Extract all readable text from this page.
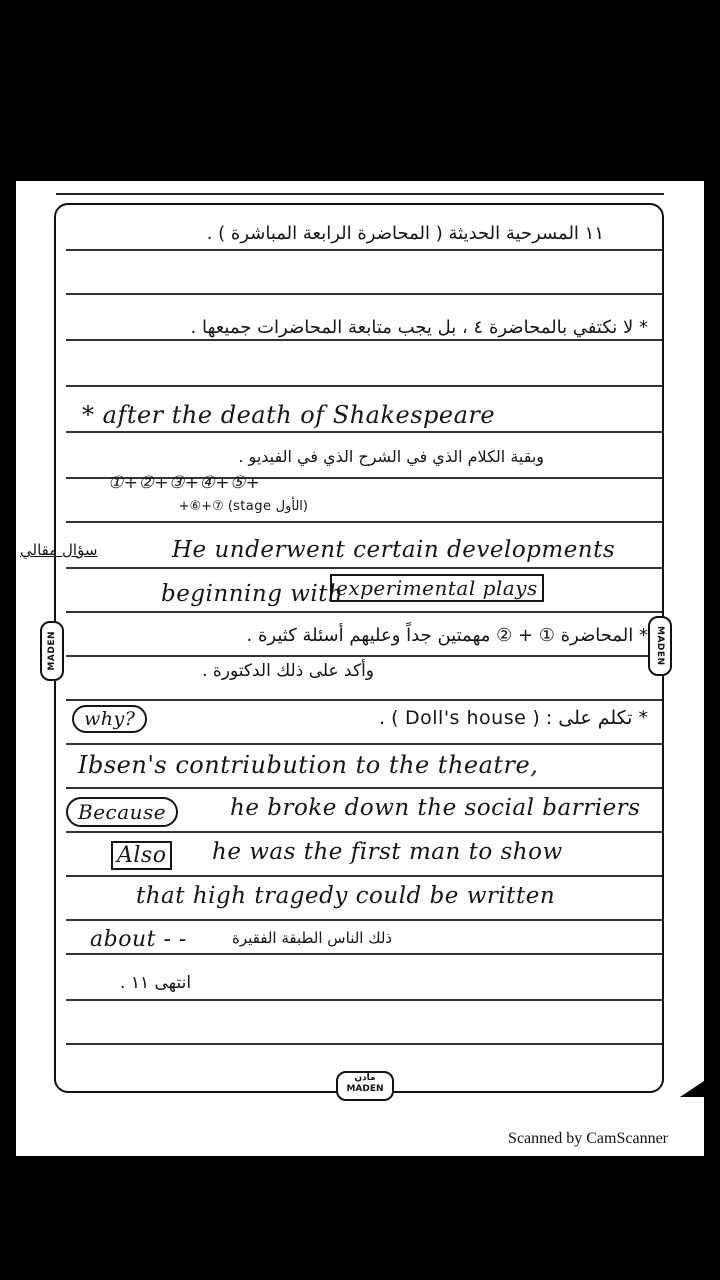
MADEN	MADEN
مادن
MADEN
١١ المسرحية الحديثة ( المحاضرة الرابعة المباشرة ) .
* لا نكتفي بالمحاضرة ٤ ، بل يجب متابعة المحاضرات جميعها .
* after the death of Shakespeare
وبقية الكلام الذي في الشرح الذي في الفيديو .
①+②+③+④+⑤+
(الأول stage) ⑦+⑥+
سؤال مقالي	He underwent certain developments
beginning with
experimental plays
* المحاضرة ① + ② مهمتين جداً وعليهم أسئلة كثيرة .
وأكد على ذلك الدكتورة .
why?	* تكلم على : ( Doll's house ) .
Ibsen's contriubution to the theatre,
Because	he broke down the social barriers
Also he was the first man to show
that high tragedy could be written
about - -	ذلك الناس الطبقة الفقيرة
انتهى ١١ .
Scanned by CamScanner
